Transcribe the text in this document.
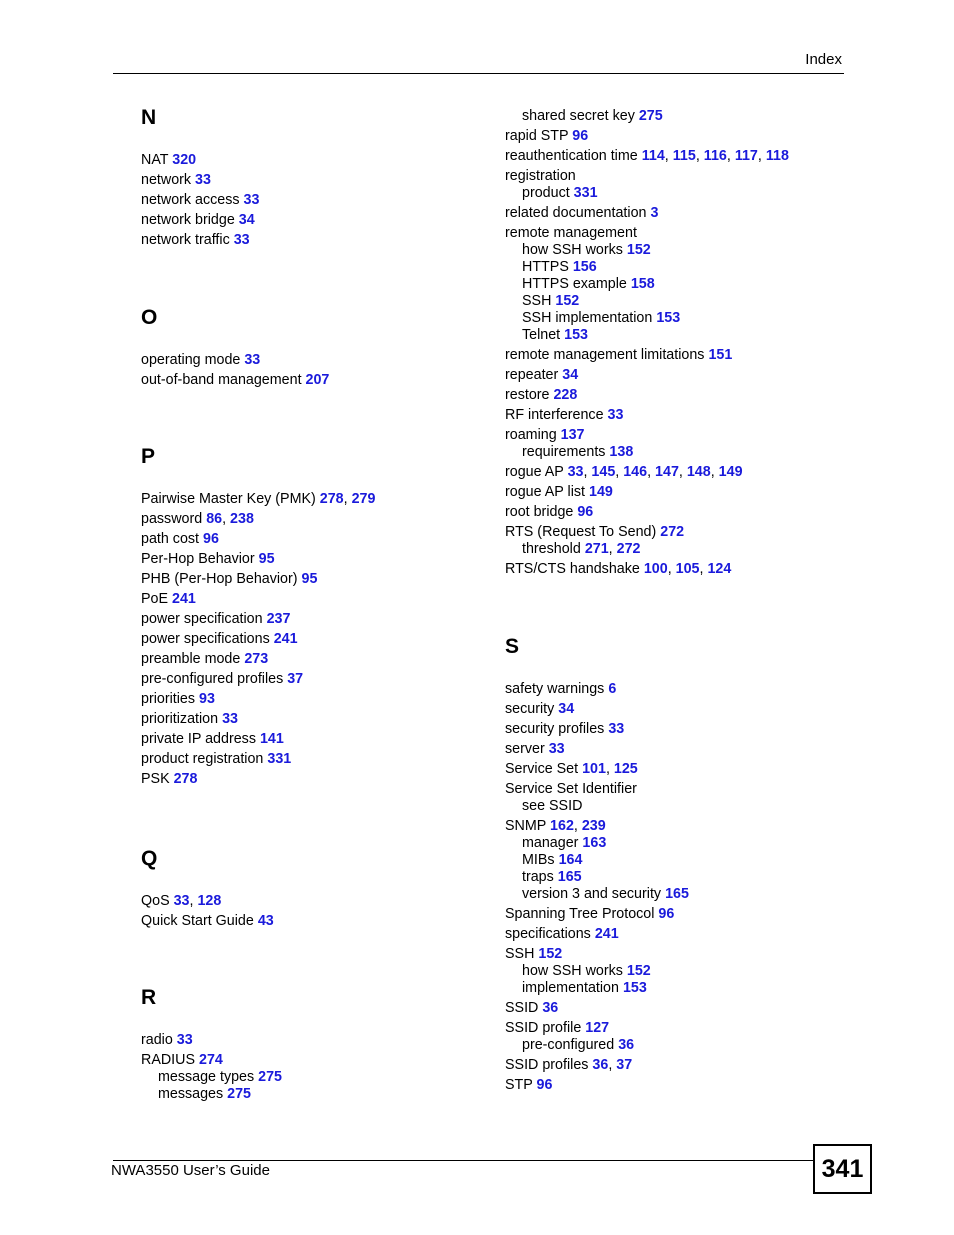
Index
N
NAT 320
network 33
network access 33
network bridge 34
network traffic 33
O
operating mode 33
out-of-band management 207
P
Pairwise Master Key (PMK) 278, 279
password 86, 238
path cost 96
Per-Hop Behavior 95
PHB (Per-Hop Behavior) 95
PoE 241
power specification 237
power specifications 241
preamble mode 273
pre-configured profiles 37
priorities 93
prioritization 33
private IP address 141
product registration 331
PSK 278
Q
QoS 33, 128
Quick Start Guide 43
R
radio 33
RADIUS 274
message types 275
messages 275
shared secret key 275
rapid STP 96
reauthentication time 114, 115, 116, 117, 118
registration
product 331
related documentation 3
remote management
how SSH works 152
HTTPS 156
HTTPS example 158
SSH 152
SSH implementation 153
Telnet 153
remote management limitations 151
repeater 34
restore 228
RF interference 33
roaming 137
requirements 138
rogue AP 33, 145, 146, 147, 148, 149
rogue AP list 149
root bridge 96
RTS (Request To Send) 272
threshold 271, 272
RTS/CTS handshake 100, 105, 124
S
safety warnings 6
security 34
security profiles 33
server 33
Service Set 101, 125
Service Set Identifier
see SSID
SNMP 162, 239
manager 163
MIBs 164
traps 165
version 3 and security 165
Spanning Tree Protocol 96
specifications 241
SSH 152
how SSH works 152
implementation 153
SSID 36
SSID profile 127
pre-configured 36
SSID profiles 36, 37
STP 96
NWA3550 User’s Guide	341
